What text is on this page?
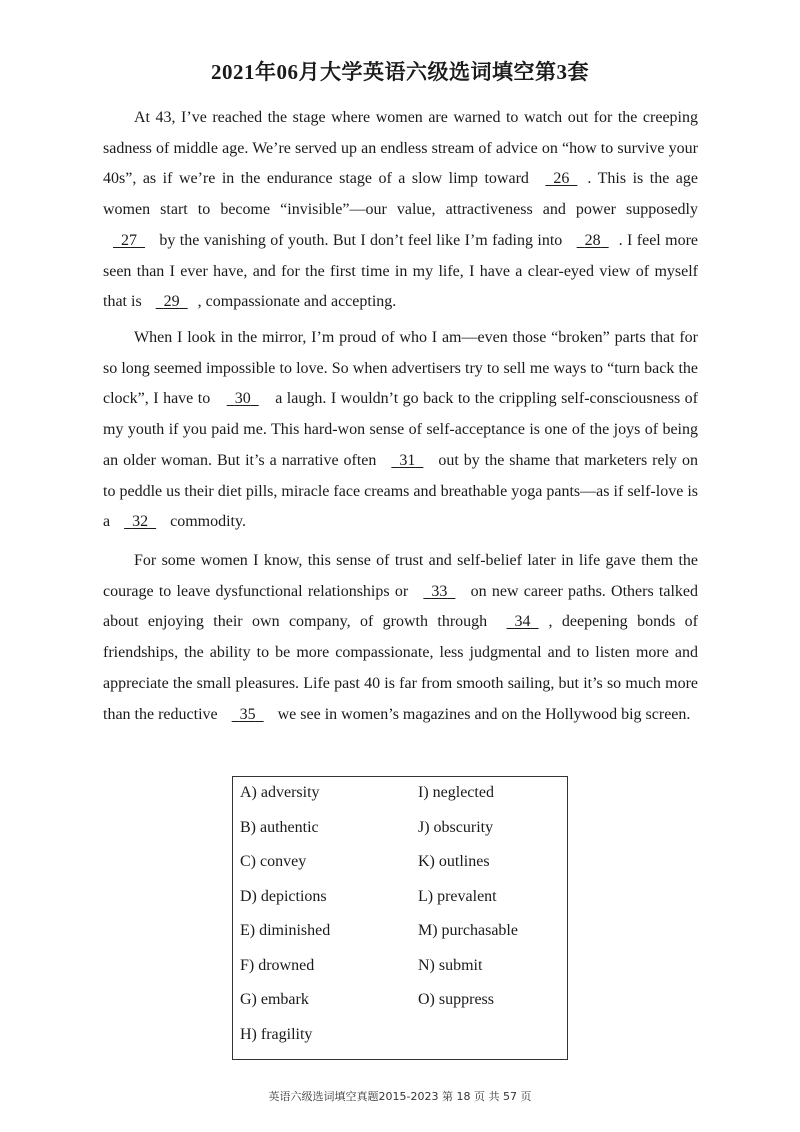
2021年06月大学英语六级选词填空第3套
At 43, I’ve reached the stage where women are warned to watch out for the creeping sadness of middle age. We’re served up an endless stream of advice on “how to survive your 40s”, as if we’re in the endurance stage of a slow limp toward   26 . This is the age women start to become “invisible”—our value, attractiveness and power supposedly   27   by the vanishing of youth. But I don’t feel like I’m fading into   28 . I feel more seen than I ever have, and for the first time in my life, I have a clear-eyed view of myself that is   29 , compassionate and accepting.
When I look in the mirror, I’m proud of who I am—even those “broken” parts that for so long seemed impossible to love. So when advertisers try to sell me ways to “turn back the clock”, I have to   30   a laugh. I wouldn’t go back to the crippling self-consciousness of my youth if you paid me. This hard-won sense of self-acceptance is one of the joys of being an older woman. But it’s a narrative often   31   out by the shame that marketers rely on to peddle us their diet pills, miracle face creams and breathable yoga pants—as if self-love is a   32   commodity.
For some women I know, this sense of trust and self-belief later in life gave them the courage to leave dysfunctional relationships or   33   on new career paths. Others talked about enjoying their own company, of growth through   34 , deepening bonds of friendships, the ability to be more compassionate, less judgmental and to listen more and appreciate the small pleasures. Life past 40 is far from smooth sailing, but it’s so much more than the reductive   35   we see in women’s magazines and on the Hollywood big screen.
A) adversity
B) authentic
C) convey
D) depictions
E) diminished
F) drowned
G) embark
H) fragility
I) neglected
J) obscurity
K) outlines
L) prevalent
M) purchasable
N) submit
O) suppress
英语六级选词填空真题2015-2023 第 18 页 共 57 页
